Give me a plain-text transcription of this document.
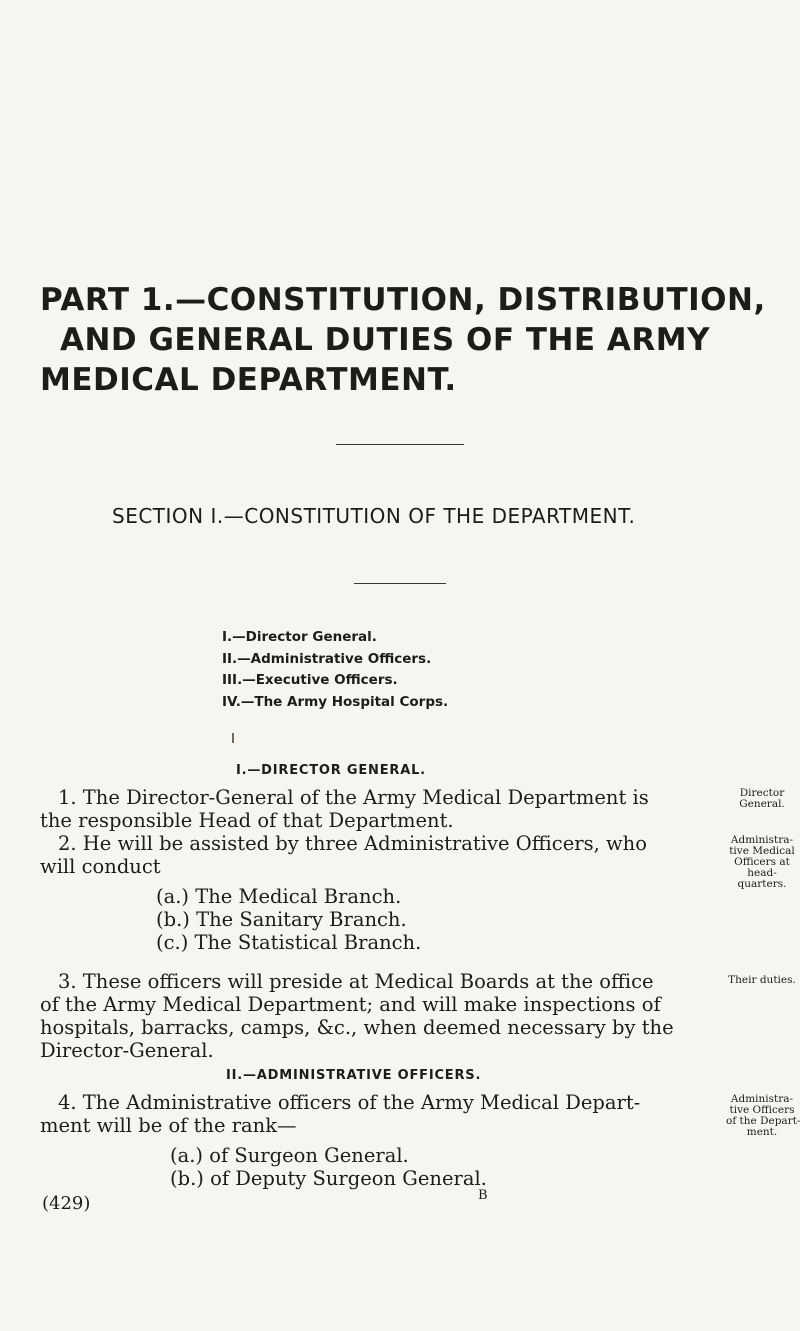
PART 1.—CONSTITUTION, DISTRIBUTION,
AND GENERAL DUTIES OF THE ARMY
MEDICAL DEPARTMENT.
SECTION I.—CONSTITUTION OF THE DEPARTMENT.
I.—Director General.
II.—Administrative Officers.
III.—Executive Officers.
IV.—The Army Hospital Corps.
I.—DIRECTOR GENERAL.
1. The Director-General of the Army Medical Department is
the responsible Head of that Department.
2. He will be assisted by three Administrative Officers, who
will conduct
(a.) The Medical Branch.
(b.) The Sanitary Branch.
(c.) The Statistical Branch.
3. These officers will preside at Medical Boards at the office
of the Army Medical Department; and will make inspections of
hospitals, barracks, camps, &c., when deemed necessary by the
Director-General.
II.—ADMINISTRATIVE OFFICERS.
4. The Administrative officers of the Army Medical Depart-
ment will be of the rank—
(a.) of Surgeon General.
(b.) of Deputy Surgeon General.
Director
General.
Administra-
tive Medical
Officers at
head-
quarters.
Their duties.
Administra-
tive Officers
of the Depart-
ment.
(429)	B
